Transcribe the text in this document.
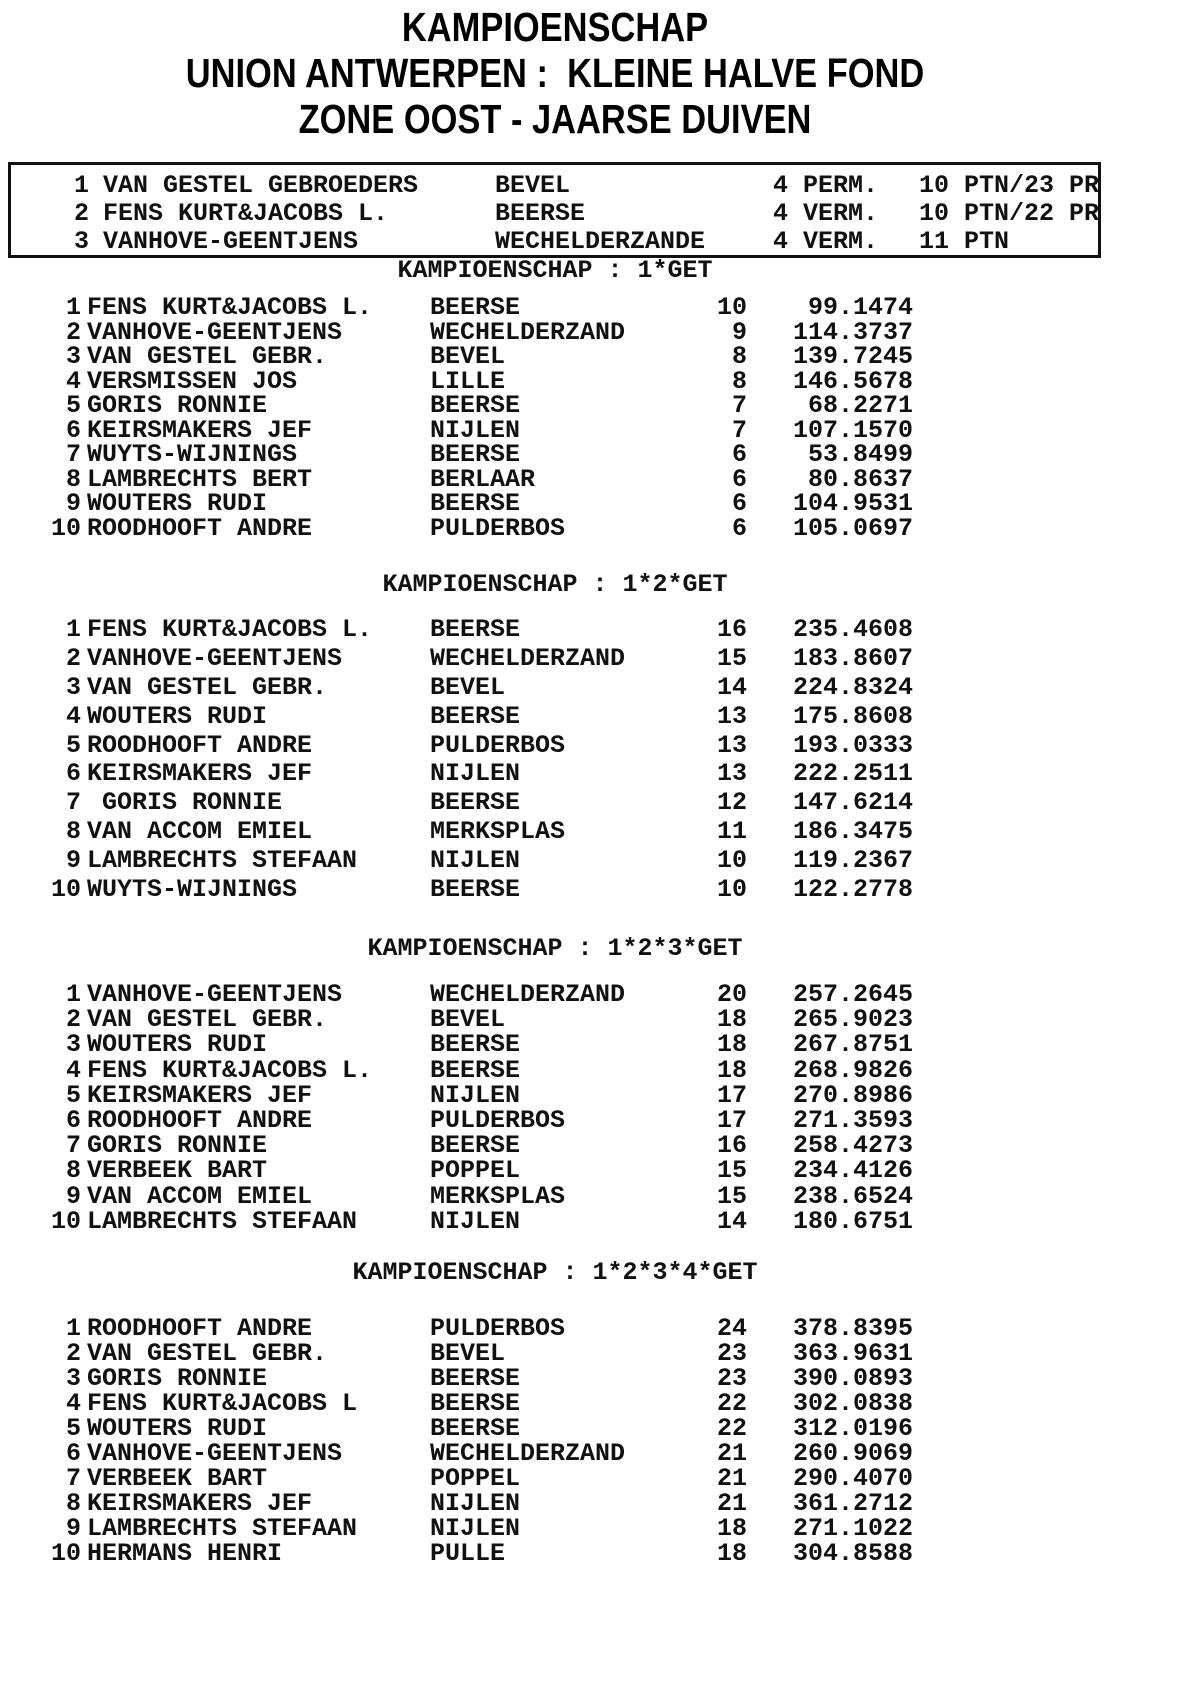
KAMPIOENSCHAP
UNION ANTWERPEN :  KLEINE HALVE FOND
ZONE OOST - JAARSE DUIVEN
1 VAN GESTEL GEBROEDERS	BEVEL	4 PERM. 10 PTN/23 PR
2 FENS KURT&JACOBS L.	BEERSE	4 VERM. 10 PTN/22 PR
3 VANHOVE-GEENTJENS	WECHELDERZANDE	4 VERM. 11 PTN
KAMPIOENSCHAP : 1*GET
1 FENS KURT&JACOBS L. BEERSE	10	99.1474
2 VANHOVE-GEENTJENS	WECHELDERZAND	9	114.3737
3 VAN GESTEL GEBR.	BEVEL	8	139.7245
4 VERSMISSEN JOS	LILLE	8	146.5678
5 GORIS RONNIE	BEERSE	7	68.2271
6 KEIRSMAKERS JEF	NIJLEN	7	107.1570
7 WUYTS-WIJNINGS	BEERSE	6	53.8499
8 LAMBRECHTS BERT	BERLAAR	6	80.8637
9 WOUTERS RUDI	BEERSE	6	104.9531
10 ROODHOOFT ANDRE	PULDERBOS	6	105.0697
KAMPIOENSCHAP : 1*2*GET
1 FENS KURT&JACOBS L. BEERSE	16	235.4608
2 VANHOVE-GEENTJENS	WECHELDERZAND	15	183.8607
3 VAN GESTEL GEBR.	BEVEL	14	224.8324
4 WOUTERS RUDI	BEERSE	13	175.8608
5 ROODHOOFT ANDRE	PULDERBOS	13	193.0333
6 KEIRSMAKERS JEF	NIJLEN	13	222.2511
7 GORIS RONNIE	BEERSE	12	147.6214
8 VAN ACCOM EMIEL	MERKSPLAS	11	186.3475
9 LAMBRECHTS STEFAAN	NIJLEN	10	119.2367
10 WUYTS-WIJNINGS	BEERSE	10	122.2778
KAMPIOENSCHAP : 1*2*3*GET
1 VANHOVE-GEENTJENS	WECHELDERZAND	20	257.2645
2 VAN GESTEL GEBR.	BEVEL	18	265.9023
3 WOUTERS RUDI	BEERSE	18	267.8751
4 FENS KURT&JACOBS L. BEERSE	18	268.9826
5 KEIRSMAKERS JEF	NIJLEN	17	270.8986
6 ROODHOOFT ANDRE	PULDERBOS	17	271.3593
7 GORIS RONNIE	BEERSE	16	258.4273
8 VERBEEK BART	POPPEL	15	234.4126
9 VAN ACCOM EMIEL	MERKSPLAS	15	238.6524
10 LAMBRECHTS STEFAAN	NIJLEN	14	180.6751
KAMPIOENSCHAP : 1*2*3*4*GET
1 ROODHOOFT ANDRE	PULDERBOS	24	378.8395
2 VAN GESTEL GEBR.	BEVEL	23	363.9631
3 GORIS RONNIE	BEERSE	23	390.0893
4 FENS KURT&JACOBS L	BEERSE	22	302.0838
5 WOUTERS RUDI	BEERSE	22	312.0196
6 VANHOVE-GEENTJENS	WECHELDERZAND	21	260.9069
7 VERBEEK BART	POPPEL	21	290.4070
8 KEIRSMAKERS JEF	NIJLEN	21	361.2712
9 LAMBRECHTS STEFAAN	NIJLEN	18	271.1022
10 HERMANS HENRI	PULLE	18	304.8588
